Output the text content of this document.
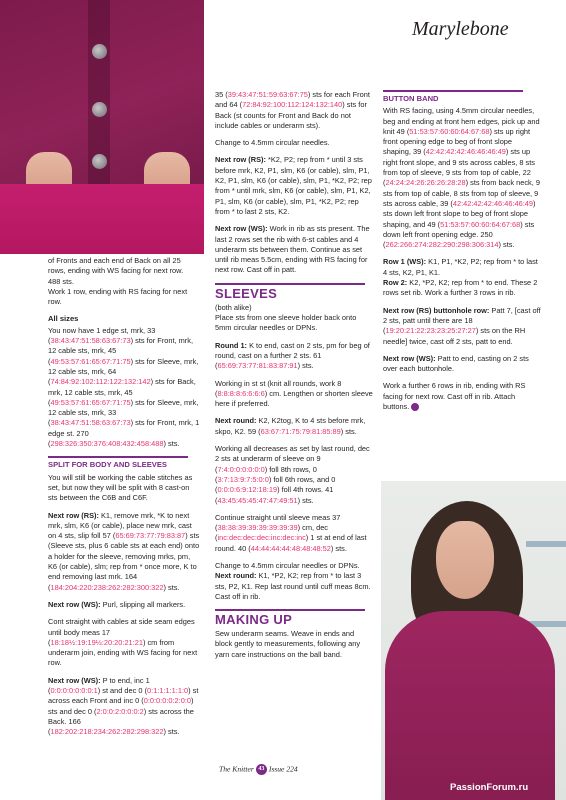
Marylebone

of Fronts and each end of Back on all 25 rows, ending with WS facing for next row.
488 sts.
Work 1 row, ending with RS facing for next row.

All sizes

You now have 1 edge st, mrk, 33 (38:43:47:51:58:63:67:73) sts for Front, mrk, 12 cable sts, mrk, 45 (49:53:57:61:65:67:71:75) sts for Sleeve, mrk, 12 cable sts, mrk, 64 (74:84:92:102:112:122:132:142) sts for Back, mrk, 12 cable sts, mrk, 45 (49:53:57:61:65:67:71:75) sts for Sleeve, mrk, 12 cable sts, mrk, 33 (38:43:47:51:58:63:67:73) sts for Front, mrk, 1 edge st. 270 (298:326:350:376:408:432:458:488) sts.

SPLIT FOR BODY AND SLEEVES

You will still be working the cable stitches as set, but now they will be split with 8 cast-on sts between the C6B and C6F.

Next row (RS): K1, remove mrk, *K to next mrk, slm, K6 (or cable), place new mrk, cast on 4 sts, slip foll 57 (65:69:73:77:79:83:87) sts (Sleeve sts, plus 6 cable sts at each end) onto a holder for the sleeve, removing mrks, pm, K6 (or cable), slm; rep from * once more, K to end removing last mrk. 164 (184:204:220:238:262:282:300:322) sts.

Next row (WS): Purl, slipping all markers.

Cont straight with cables at side seam edges until body meas 17 (18:18½:19:19½:20:20:21:21) cm from underarm join, ending with WS facing for next row.

Next row (WS): P to end, inc 1 (0:0:0:0:0:0:0:1) st and dec 0 (0:1:1:1:1:1:0) st across each Front and inc 0 (0:0:0:0:0:2:0:0) sts and dec 0 (2:0:0:2:0:0:0:2) sts across the Back. 166 (182:202:218:234:262:282:298:322) sts.

35 (39:43:47:51:59:63:67:75) sts for each Front and 64 (72:84:92:100:112:124:132:140) sts for Back (st counts for Front and Back do not include cables or underarm sts).

Change to 4.5mm circular needles.

Next row (RS): *K2, P2; rep from * until 3 sts before mrk, K2, P1, slm, K6 (or cable), slm, P1, K2, P1, slm, K6 (or cable), slm, P1, *K2, P2; rep from * until mrk, slm, K6 (or cable), slm, P1, K2, P1, slm, K6 (or cable), slm, P1, *K2, P2; rep from * to last 2 sts, K2.

Next row (WS): Work in rib as sts present. The last 2 rows set the rib with 6-st cables and 4 underarm sts between them. Continue as set until rib meas 5.5cm, ending with RS facing for next row. Cast off in patt.

SLEEVES
(both alike)

Place sts from one sleeve holder back onto 5mm circular needles or DPNs.

Round 1: K to end, cast on 2 sts, pm for beg of round, cast on a further 2 sts. 61 (65:69:73:77:81:83:87:91) sts.

Working in st st (knit all rounds, work 8 (8:8:8:8:6:6:6:6) cm. Lengthen or shorten sleeve here if preferred.

Next round: K2, K2tog, K to 4 sts before mrk, skpo, K2. 59 (63:67:71:75:79:81:85:89) sts.

Working all decreases as set by last round, dec 2 sts at underarm of sleeve on 9 (7:4:0:0:0:0:0:0) foll 8th rows, 0 (3:7:13:9:7:5:0:0) foll 6th rows, and 0 (0:0:0:6:9:12:18:19) foll 4th rows. 41 (43:45:45:45:47:47:49:51) sts.

Continue straight until sleeve meas 37 (38:38:39:39:39:39:39:39) cm, dec (inc:dec:dec:dec:inc:dec:inc) 1 st at end of last round. 40 (44:44:44:44:48:48:48:52) sts.

Change to 4.5mm circular needles or DPNs.
Next round: K1, *P2, K2; rep from * to last 3 sts, P2, K1. Rep last round until cuff meas 8cm. Cast off in rib.

MAKING UP

Sew underarm seams. Weave in ends and block gently to measurements, following any yarn care instructions on the ball band.

BUTTON BAND

With RS facing, using 4.5mm circular needles, beg and ending at front hem edges, pick up and knit 49 (51:53:57:60:60:64:67:68) sts up right front opening edge to beg of front slope shaping, 39 (42:42:42:42:46:46:46:49) sts up right front slope, and 9 sts across cables, 8 sts from top of sleeve, 9 sts from top of cable, 22 (24:24:24:26:26:26:28:28) sts from back neck, 9 sts from top of cable, 8 sts from top of sleeve, 9 sts across cable, 39 (42:42:42:42:46:46:46:49) sts down left front slope to beg of front slope shaping, and 49 (51:53:57:60:60:64:67:68) sts down left front opening edge. 250 (262:266:274:282:290:298:306:314) sts.

Row 1 (WS): K1, P1, *K2, P2; rep from * to last 4 sts, K2, P1, K1.
Row 2: K2, *P2, K2; rep from * to end. These 2 rows set rib. Work a further 3 rows in rib.

Next row (RS) buttonhole row: Patt 7, [cast off 2 sts, patt until there are 18 (19:20:21:22:23:23:25:27:27) sts on the RH needle] twice, cast off 2 sts, patt to end.

Next row (WS): Patt to end, casting on 2 sts over each buttonhole.

Work a further 6 rows in rib, ending with RS facing for next row. Cast off in rib. Attach buttons.

The Knitter 43 Issue 224
PassionForum.ru
